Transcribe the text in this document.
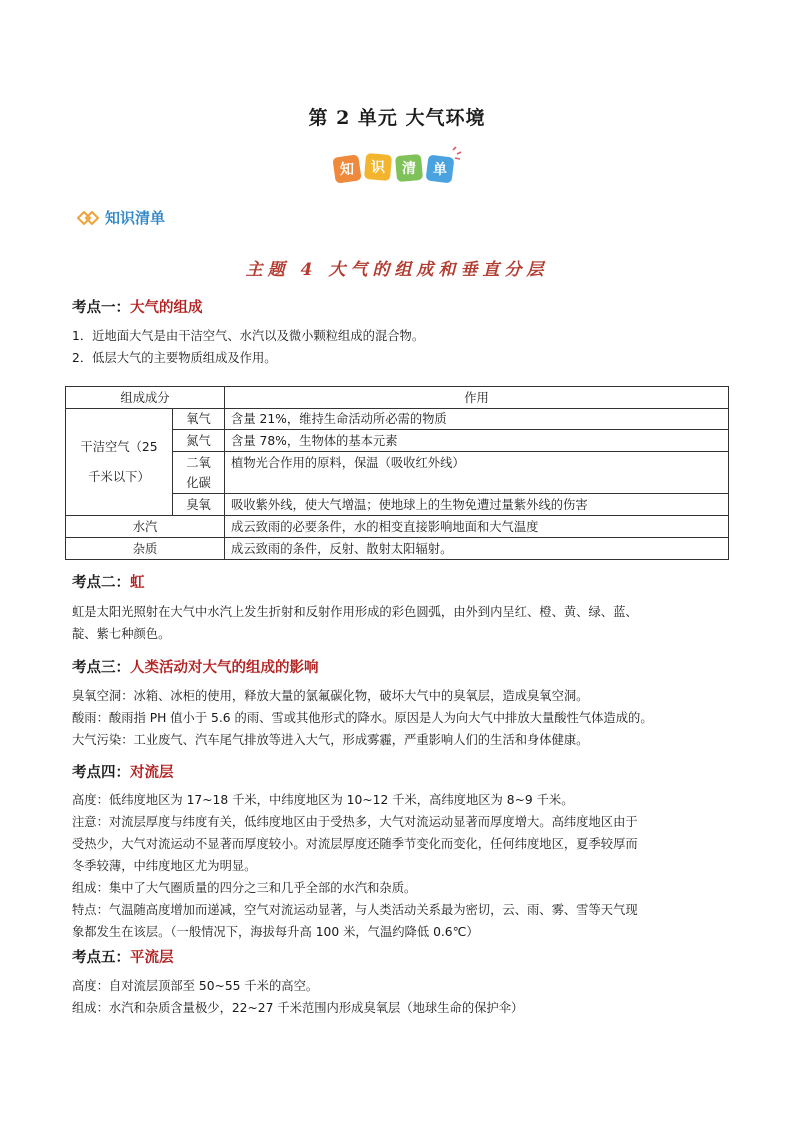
第 2 单元 大气环境
知 识 清 单
知识清单
主题 4 大气的组成和垂直分层
考点一：大气的组成
1．近地面大气是由干洁空气、水汽以及微小颗粒组成的混合物。
2．低层大气的主要物质组成及作用。
组成成分		作用

干洁空气（25
千米以下）	氧气	含量 21%，维持生命活动所必需的物质
	氮气	含量 78%，生物体的基本元素

	二氧
化碳	植物光合作用的原料，保温（吸收红外线）
	臭氧	吸收紫外线，使大气增温；使地球上的生物免遭过量紫外线的伤害
水汽		成云致雨的必要条件，水的相变直接影响地面和大气温度
杂质		成云致雨的条件，反射、散射太阳辐射。
考点二：虹
虹是太阳光照射在大气中水汽上发生折射和反射作用形成的彩色圆弧，由外到内呈红、橙、黄、绿、蓝、
靛、紫七种颜色。
考点三：人类活动对大气的组成的影响
臭氧空洞：冰箱、冰柜的使用，释放大量的氯氟碳化物，破坏大气中的臭氧层，造成臭氧空洞。
酸雨：酸雨指 PH 值小于 5.6 的雨、雪或其他形式的降水。原因是人为向大气中排放大量酸性气体造成的。
大气污染：工业废气、汽车尾气排放等进入大气，形成雾霾，严重影响人们的生活和身体健康。
考点四：对流层
高度：低纬度地区为 17~18 千米，中纬度地区为 10~12 千米，高纬度地区为 8~9 千米。
注意：对流层厚度与纬度有关，低纬度地区由于受热多，大气对流运动显著而厚度增大。高纬度地区由于
受热少，大气对流运动不显著而厚度较小。对流层厚度还随季节变化而变化，任何纬度地区，夏季较厚而
冬季较薄，中纬度地区尤为明显。
组成：集中了大气圈质量的四分之三和几乎全部的水汽和杂质。
特点：气温随高度增加而递减，空气对流运动显著，与人类活动关系最为密切，云、雨、雾、雪等天气现
象都发生在该层。（一般情况下，海拔每升高 100 米，气温约降低 0.6℃）
考点五：平流层
高度：自对流层顶部至 50~55 千米的高空。
组成：水汽和杂质含量极少，22~27 千米范围内形成臭氧层（地球生命的保护伞）
